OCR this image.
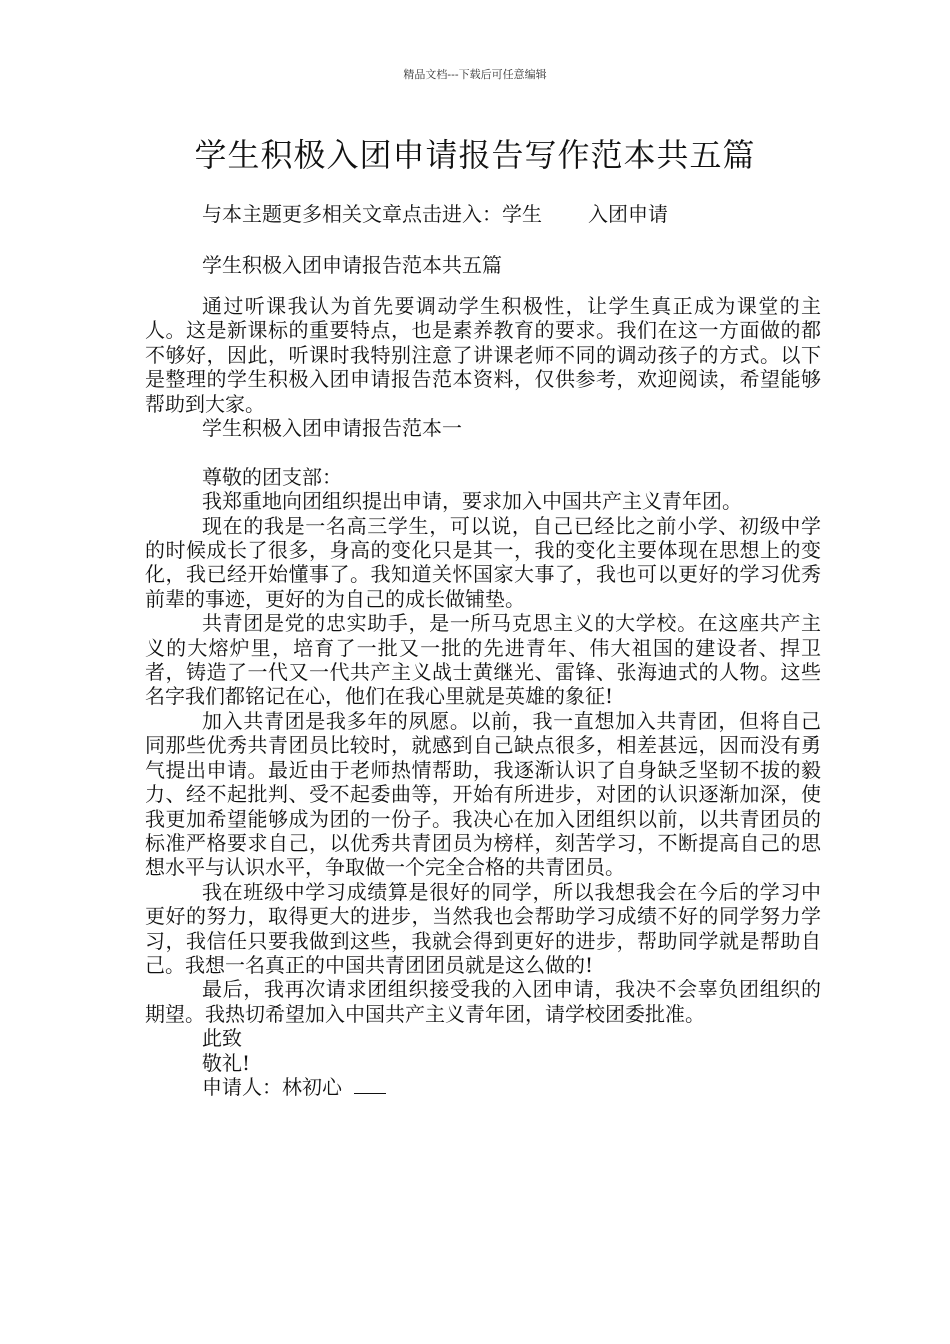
精品文档---下载后可任意编辑
学生积极入团申请报告写作范本共五篇
与本主题更多相关文章点击进入：学生 入团申请
学生积极入团申请报告范本共五篇

通过听课我认为首先要调动学生积极性，让学生真正成为课堂的主人。这是新课标的重要特点，也是素养教育的要求。我们在这一方面做的都不够好，因此，听课时我特别注意了讲课老师不同的调动孩子的方式。以下是整理的学生积极入团申请报告范本资料，仅供参考，欢迎阅读，希望能够帮助到大家。

学生积极入团申请报告范本一

尊敬的团支部：

我郑重地向团组织提出申请，要求加入中国共产主义青年团。

现在的我是一名高三学生，可以说，自己已经比之前小学、初级中学的时候成长了很多，身高的变化只是其一，我的变化主要体现在思想上的变化，我已经开始懂事了。我知道关怀国家大事了，我也可以更好的学习优秀前辈的事迹，更好的为自己的成长做铺垫。

共青团是党的忠实助手，是一所马克思主义的大学校。在这座共产主义的大熔炉里，培育了一批又一批的先进青年、伟大祖国的建设者、捍卫者，铸造了一代又一代共产主义战士黄继光、雷锋、张海迪式的人物。这些名字我们都铭记在心，他们在我心里就是英雄的象征!

加入共青团是我多年的夙愿。以前，我一直想加入共青团，但将自己同那些优秀共青团员比较时，就感到自己缺点很多，相差甚远，因而没有勇气提出申请。最近由于老师热情帮助，我逐渐认识了自身缺乏坚韧不拔的毅力、经不起批判、受不起委曲等，开始有所进步，对团的认识逐渐加深，使我更加希望能够成为团的一份子。我决心在加入团组织以前，以共青团员的标准严格要求自己，以优秀共青团员为榜样，刻苦学习，不断提高自己的思想水平与认识水平，争取做一个完全合格的共青团员。

我在班级中学习成绩算是很好的同学，所以我想我会在今后的学习中更好的努力，取得更大的进步，当然我也会帮助学习成绩不好的同学努力学习，我信任只要我做到这些，我就会得到更好的进步，帮助同学就是帮助自己。我想一名真正的中国共青团团员就是这么做的!

最后，我再次请求团组织接受我的入团申请，我决不会辜负团组织的期望。我热切希望加入中国共产主义青年团，请学校团委批准。

此致

敬礼!

申请人：林初心
